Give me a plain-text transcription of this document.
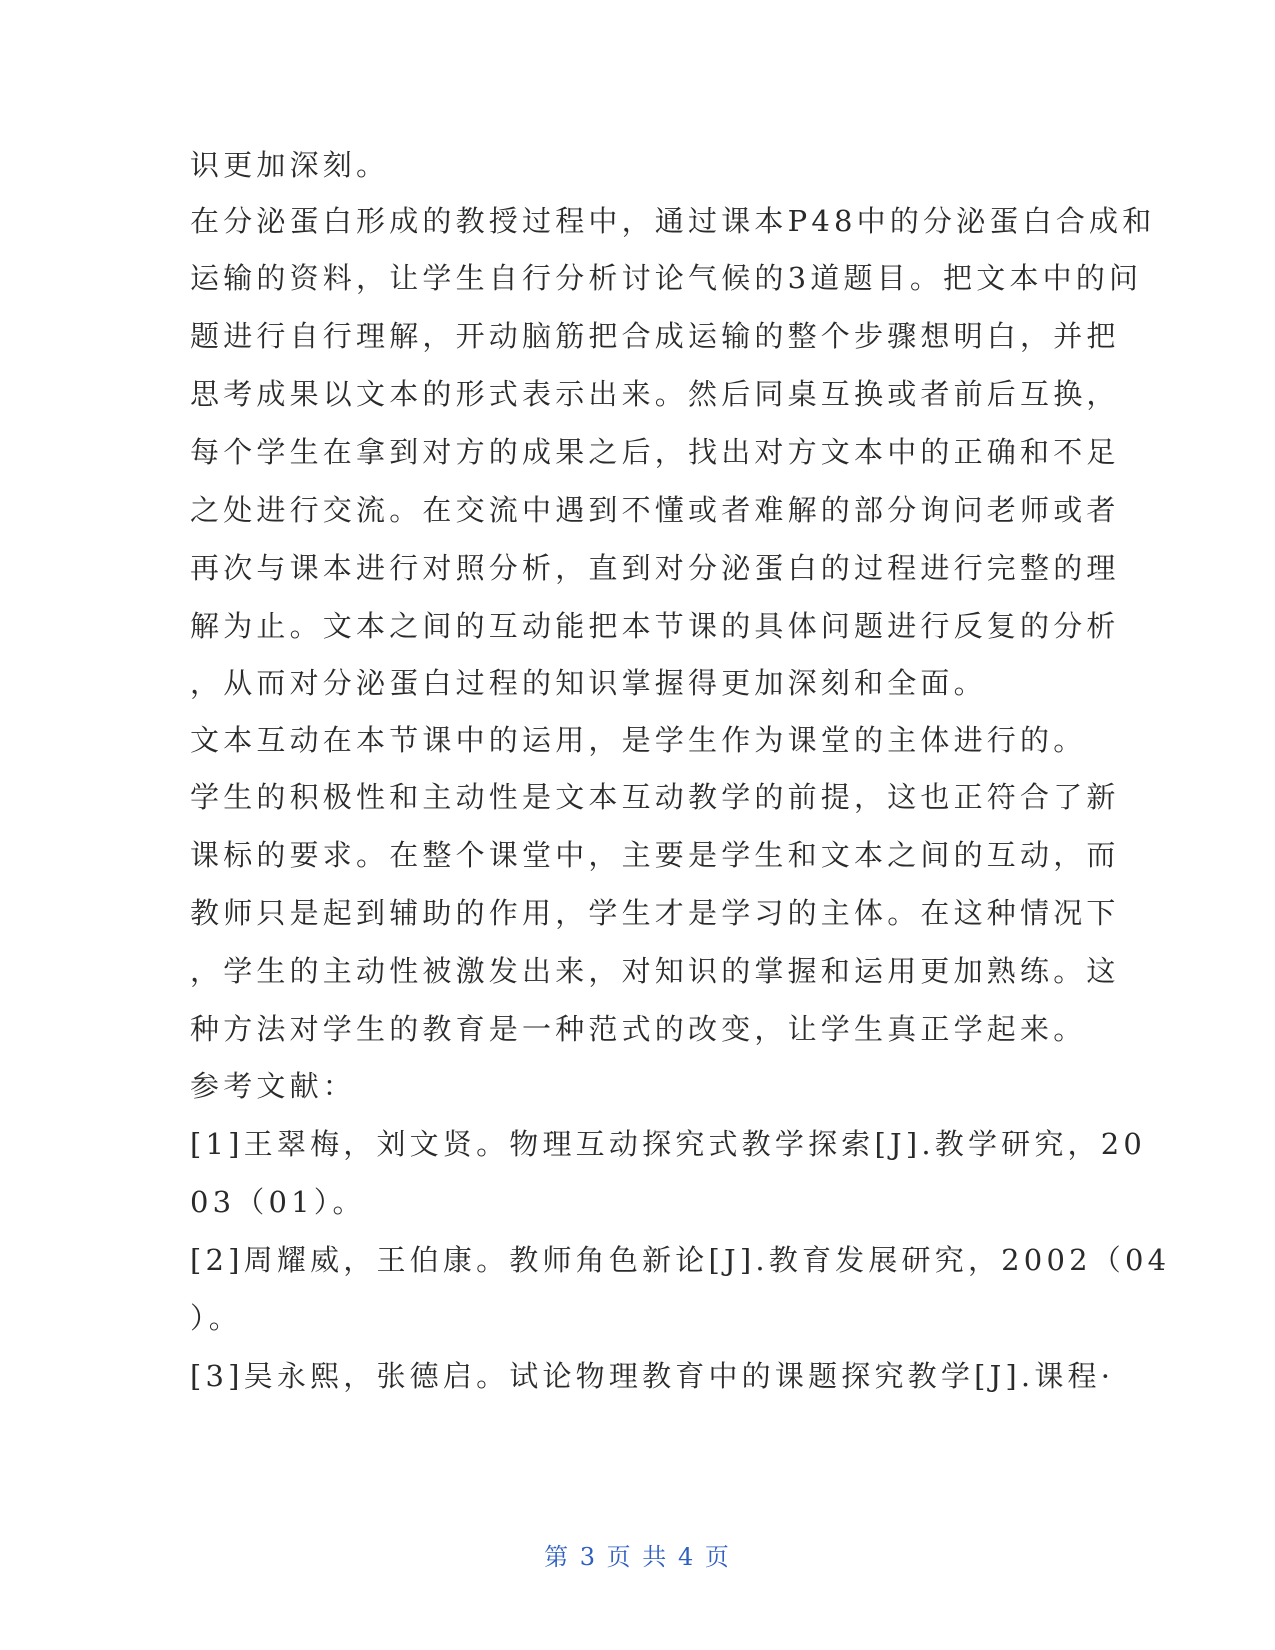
识更加深刻。
在分泌蛋白形成的教授过程中，通过课本P48中的分泌蛋白合成和
运输的资料，让学生自行分析讨论气候的3道题目。把文本中的问
题进行自行理解，开动脑筋把合成运输的整个步骤想明白，并把
思考成果以文本的形式表示出来。然后同桌互换或者前后互换，
每个学生在拿到对方的成果之后，找出对方文本中的正确和不足
之处进行交流。在交流中遇到不懂或者难解的部分询问老师或者
再次与课本进行对照分析，直到对分泌蛋白的过程进行完整的理
解为止。文本之间的互动能把本节课的具体问题进行反复的分析
，从而对分泌蛋白过程的知识掌握得更加深刻和全面。
文本互动在本节课中的运用，是学生作为课堂的主体进行的。
学生的积极性和主动性是文本互动教学的前提，这也正符合了新
课标的要求。在整个课堂中，主要是学生和文本之间的互动，而
教师只是起到辅助的作用，学生才是学习的主体。在这种情况下
，学生的主动性被激发出来，对知识的掌握和运用更加熟练。这
种方法对学生的教育是一种范式的改变，让学生真正学起来。
参考文献：
[1]王翠梅，刘文贤。物理互动探究式教学探索[J].教学研究，20
03（01）。
[2]周耀威，王伯康。教师角色新论[J].教育发展研究，2002（04
）。
[3]吴永熙，张德启。试论物理教育中的课题探究教学[J].课程·
第 3 页 共 4 页
